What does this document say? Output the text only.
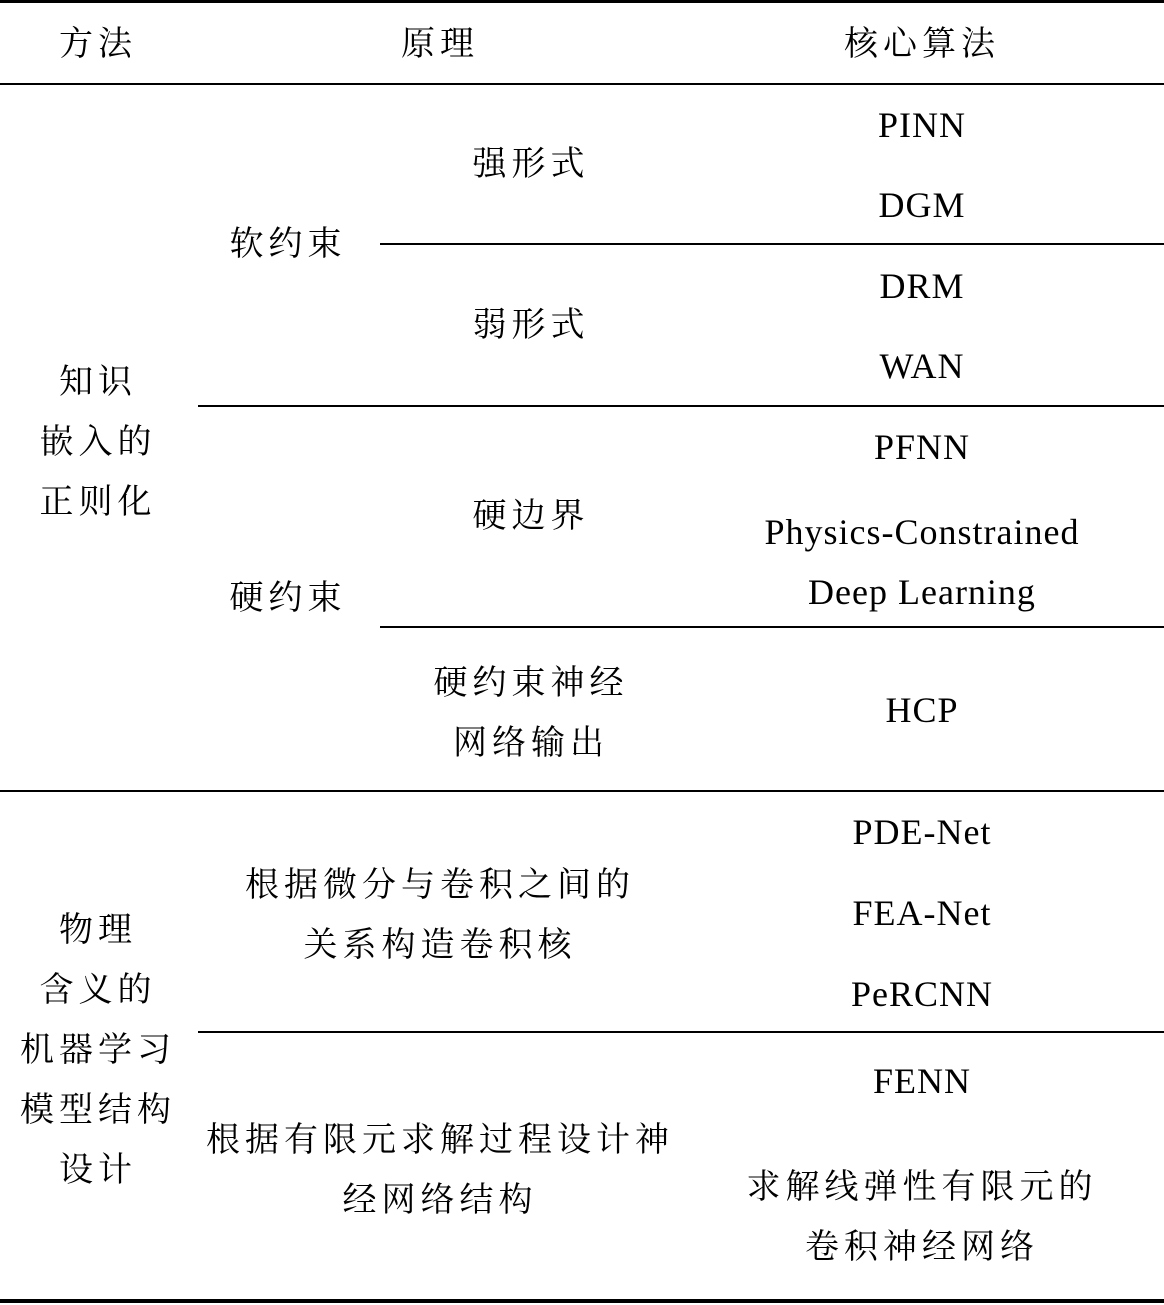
方法	原理	核心算法
知识
嵌入的
正则化
软约束
强形式
PINN
DGM
弱形式
DRM
WAN
硬约束
硬边界
PFNN
Physics-Constrained
Deep Learning
硬约束神经
网络输出
HCP
物理
含义的
机器学习
模型结构
设计
根据微分与卷积之间的
关系构造卷积核
PDE-Net
FEA-Net
PeRCNN
根据有限元求解过程设计神
经网络结构
FENN
求解线弹性有限元的
卷积神经网络
